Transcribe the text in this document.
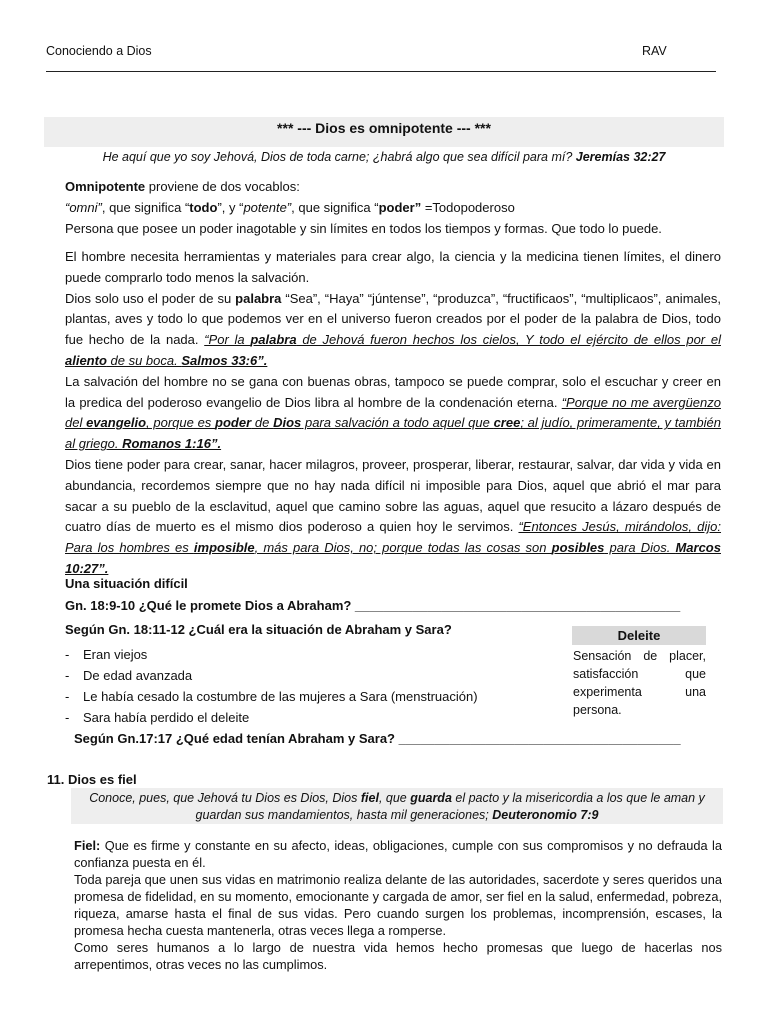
Conociendo a Dios	RAV
*** --- Dios es omnipotente --- ***
He aquí que yo soy Jehová, Dios de toda carne; ¿habrá algo que sea difícil para mí? Jeremías 32:27
Omnipotente proviene de dos vocablos:
“omni”, que significa “todo”, y “potente”, que significa “poder” =Todopoderoso
Persona que posee un poder inagotable y sin límites en todos los tiempos y formas. Que todo lo puede.
El hombre necesita herramientas y materiales para crear algo, la ciencia y la medicina tienen límites, el dinero puede comprarlo todo menos la salvación.
Dios solo uso el poder de su palabra “Sea”, “Haya” “júntense”, “produzca”, “fructificaos”, “multiplicaos”, animales, plantas, aves y todo lo que podemos ver en el universo fueron creados por el poder de la palabra de Dios, todo fue hecho de la nada. “Por la palabra de Jehová fueron hechos los cielos, Y todo el ejército de ellos por el aliento de su boca. Salmos 33:6”.
La salvación del hombre no se gana con buenas obras, tampoco se puede comprar, solo el escuchar y creer en la predica del poderoso evangelio de Dios libra al hombre de la condenación eterna. “Porque no me avergüenzo del evangelio, porque es poder de Dios para salvación a todo aquel que cree; al judío, primeramente, y también al griego. Romanos 1:16”.
Dios tiene poder para crear, sanar, hacer milagros, proveer, prosperar, liberar, restaurar, salvar, dar vida y vida en abundancia, recordemos siempre que no hay nada difícil ni imposible para Dios, aquel que abrió el mar para sacar a su pueblo de la esclavitud, aquel que camino sobre las aguas, aquel que resucito a lázaro después de cuatro días de muerto es el mismo dios poderoso a quien hoy le servimos. “Entonces Jesús, mirándolos, dijo: Para los hombres es imposible, más para Dios, no; porque todas las cosas son posibles para Dios. Marcos 10:27”.
Una situación difícil
Gn. 18:9-10 ¿Qué le promete Dios a Abraham? _____________________________________________
Según Gn. 18:11-12 ¿Cuál era la situación de Abraham y Sara?
- Eran viejos
- De edad avanzada
- Le había cesado la costumbre de las mujeres a Sara (menstruación)
- Sara había perdido el deleite
Deleite
Sensación de placer, satisfacción que experimenta una persona.
Según Gn.17:17 ¿Qué edad tenían Abraham y Sara? _______________________________________
11. Dios es fiel
Conoce, pues, que Jehová tu Dios es Dios, Dios fiel, que guarda el pacto y la misericordia a los que le aman y guardan sus mandamientos, hasta mil generaciones; Deuteronomio 7:9
Fiel: Que es firme y constante en su afecto, ideas, obligaciones, cumple con sus compromisos y no defrauda la confianza puesta en él.
Toda pareja que unen sus vidas en matrimonio realiza delante de las autoridades, sacerdote y seres queridos una promesa de fidelidad, en su momento, emocionante y cargada de amor, ser fiel en la salud, enfermedad, pobreza, riqueza, amarse hasta el final de sus vidas. Pero cuando surgen los problemas, incomprensión, escases, la promesa hecha cuesta mantenerla, otras veces llega a romperse.
Como seres humanos a lo largo de nuestra vida hemos hecho promesas que luego de hacerlas nos arrepentimos, otras veces no las cumplimos.
